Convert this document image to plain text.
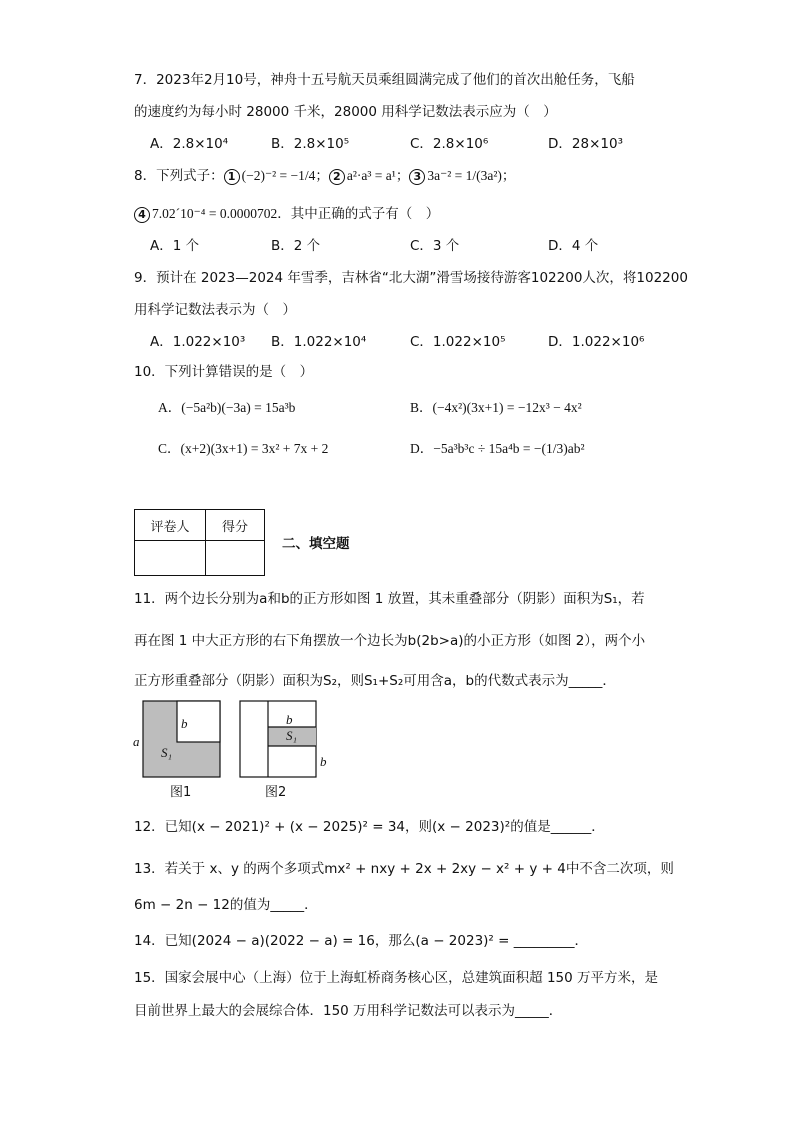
7．2023年2月10号，神舟十五号航天员乘组圆满完成了他们的首次出舱任务，飞船
的速度约为每小时 28000 千米，28000 用科学记数法表示应为（　）
A．2.8×10⁴	B．2.8×10⁵	C．2.8×10⁶	D．28×10³
8．下列式子： 1 (−2)⁻² = −1/4； 2 a²·a³ = a¹； 3 3a⁻² = 1/(3a²)；
4 7.02´10⁻⁴ = 0.0000702．其中正确的式子有（　）
A．1 个	B．2 个	C．3 个	D．4 个
9．预计在 2023—2024 年雪季，吉林省“北大湖”滑雪场接待游客102200人次，将102200
用科学记数法表示为（　）
A．1.022×10³ B．1.022×10⁴	C．1.022×10⁵	D．1.022×10⁶
10．下列计算错误的是（　）
A．(−5a²b)(−3a) = 15a³b	B．(−4x²)(3x+1) = −12x³ − 4x²
C．(x+2)(3x+1) = 3x² + 7x + 2	D．−5a³b³c ÷ 15a⁴b = −(1/3)ab²
评卷人	得分

二、填空题
11．两个边长分别为a和b的正方形如图 1 放置，其未重叠部分（阴影）面积为S₁，若
再在图 1 中大正方形的右下角摆放一个边长为b(2b>a)的小正方形（如图 2），两个小
正方形重叠部分（阴影）面积为S₂，则S₁+S₂可用含a，b的代数式表示为_____．
a
b
S₁
图1
b
S₁
b
图2
12．已知(x − 2021)² + (x − 2025)² = 34，则(x − 2023)²的值是______．
13．若关于 x、y 的两个多项式mx² + nxy + 2x + 2xy − x² + y + 4中不含二次项，则
6m − 2n − 12的值为_____．
14．已知(2024 − a)(2022 − a) = 16，那么(a − 2023)² = _________．
15．国家会展中心（上海）位于上海虹桥商务核心区，总建筑面积超 150 万平方米，是
目前世界上最大的会展综合体．150 万用科学记数法可以表示为_____．
